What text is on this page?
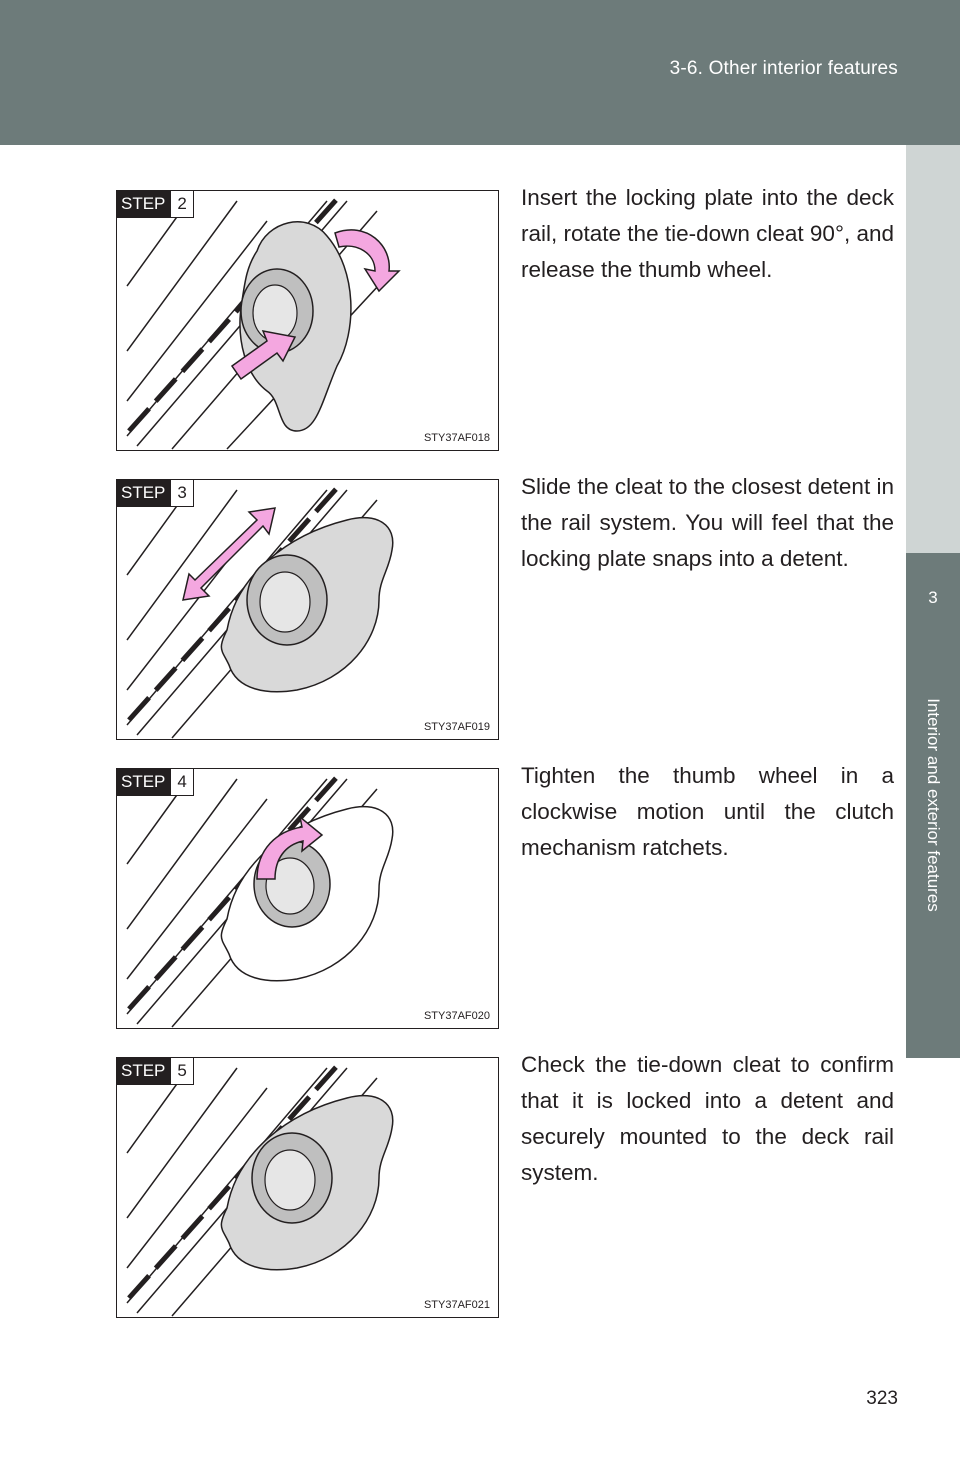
3-6. Other interior features
3
Interior and exterior features
STEP 2
STY37AF018

Insert the locking plate into the deck rail, rotate the tie-down cleat 90°, and release the thumb wheel.

STEP 3
STY37AF019

Slide the cleat to the closest detent in the rail system. You will feel that the locking plate snaps into a detent.

STEP 4
STY37AF020

Tighten the thumb wheel in a clockwise motion until the clutch mechanism ratchets.

STEP 5
STY37AF021

Check the tie-down cleat to confirm that it is locked into a detent and securely mounted to the deck rail system.

323
